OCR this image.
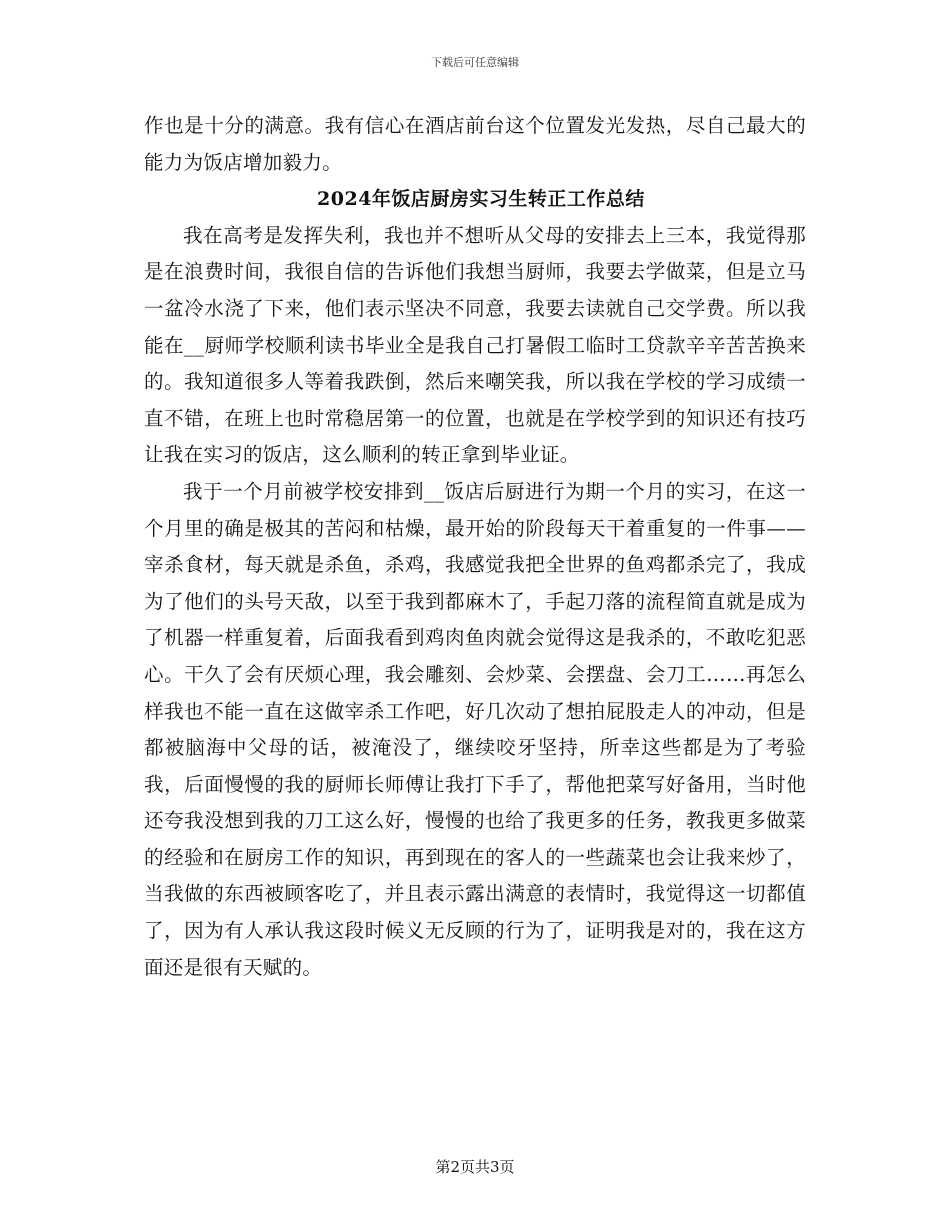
下载后可任意编辑

作也是十分的满意。我有信心在酒店前台这个位置发光发热，尽自己最大的能力为饭店增加毅力。

2024年饭店厨房实习生转正工作总结

我在高考是发挥失利，我也并不想听从父母的安排去上三本，我觉得那是在浪费时间，我很自信的告诉他们我想当厨师，我要去学做菜，但是立马一盆冷水浇了下来，他们表示坚决不同意，我要去读就自己交学费。所以我能在__厨师学校顺利读书毕业全是我自己打暑假工临时工贷款辛辛苦苦换来的。我知道很多人等着我跌倒，然后来嘲笑我，所以我在学校的学习成绩一直不错，在班上也时常稳居第一的位置，也就是在学校学到的知识还有技巧让我在实习的饭店，这么顺利的转正拿到毕业证。

我于一个月前被学校安排到__饭店后厨进行为期一个月的实习，在这一个月里的确是极其的苦闷和枯燥，最开始的阶段每天干着重复的一件事——宰杀食材，每天就是杀鱼，杀鸡，我感觉我把全世界的鱼鸡都杀完了，我成为了他们的头号天敌，以至于我到都麻木了，手起刀落的流程简直就是成为了机器一样重复着，后面我看到鸡肉鱼肉就会觉得这是我杀的，不敢吃犯恶心。干久了会有厌烦心理，我会雕刻、会炒菜、会摆盘、会刀工……再怎么样我也不能一直在这做宰杀工作吧，好几次动了想拍屁股走人的冲动，但是都被脑海中父母的话，被淹没了，继续咬牙坚持，所幸这些都是为了考验我，后面慢慢的我的厨师长师傅让我打下手了，帮他把菜写好备用，当时他还夸我没想到我的刀工这么好，慢慢的也给了我更多的任务，教我更多做菜的经验和在厨房工作的知识，再到现在的客人的一些蔬菜也会让我来炒了，当我做的东西被顾客吃了，并且表示露出满意的表情时，我觉得这一切都值了，因为有人承认我这段时候义无反顾的行为了，证明我是对的，我在这方面还是很有天赋的。

第2页共3页
